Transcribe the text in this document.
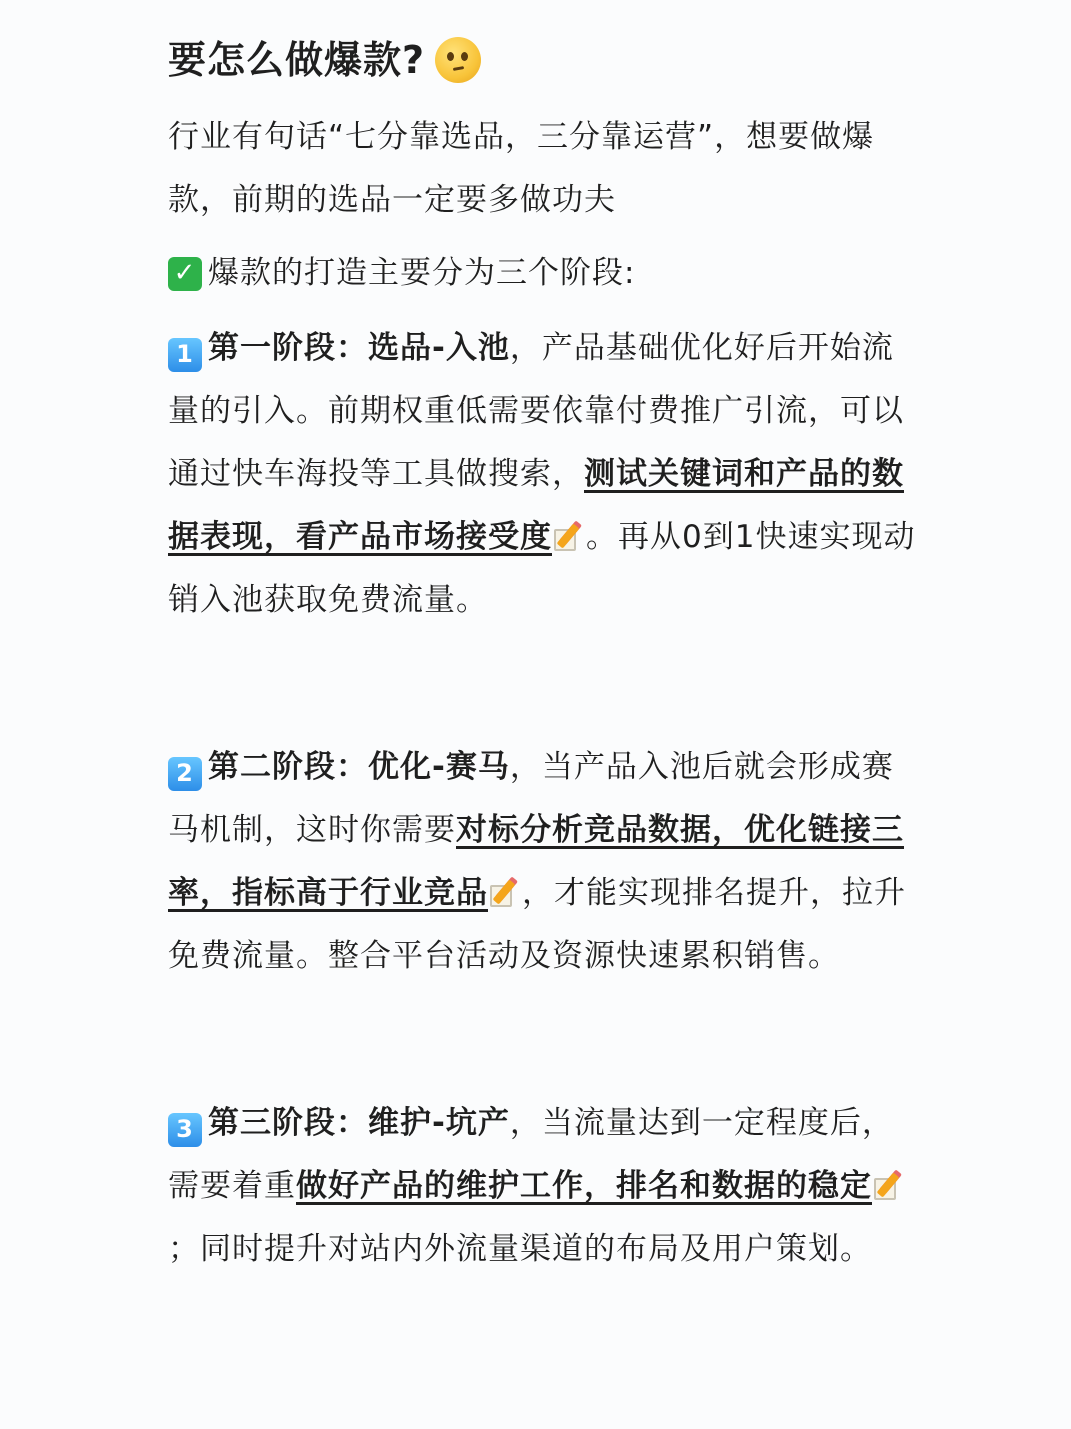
要怎么做爆款?

行业有句话“七分靠选品，三分靠运营”，想要做爆款，前期的选品一定要多做功夫

✓ 爆款的打造主要分为三个阶段:

1 第一阶段：选品-入池，产品基础优化好后开始流量的引入。前期权重低需要依靠付费推广引流，可以通过快车海投等工具做搜索，测试关键词和产品的数据表现，看产品市场接受度 。再从0到1快速实现动销入池获取免费流量。

2 第二阶段：优化-赛马，当产品入池后就会形成赛马机制，这时你需要对标分析竞品数据，优化链接三率，指标高于行业竞品 ，才能实现排名提升，拉升免费流量。整合平台活动及资源快速累积销售。

3 第三阶段：维护-坑产，当流量达到一定程度后，需要着重做好产品的维护工作，排名和数据的稳定
；同时提升对站内外流量渠道的布局及用户策划。
